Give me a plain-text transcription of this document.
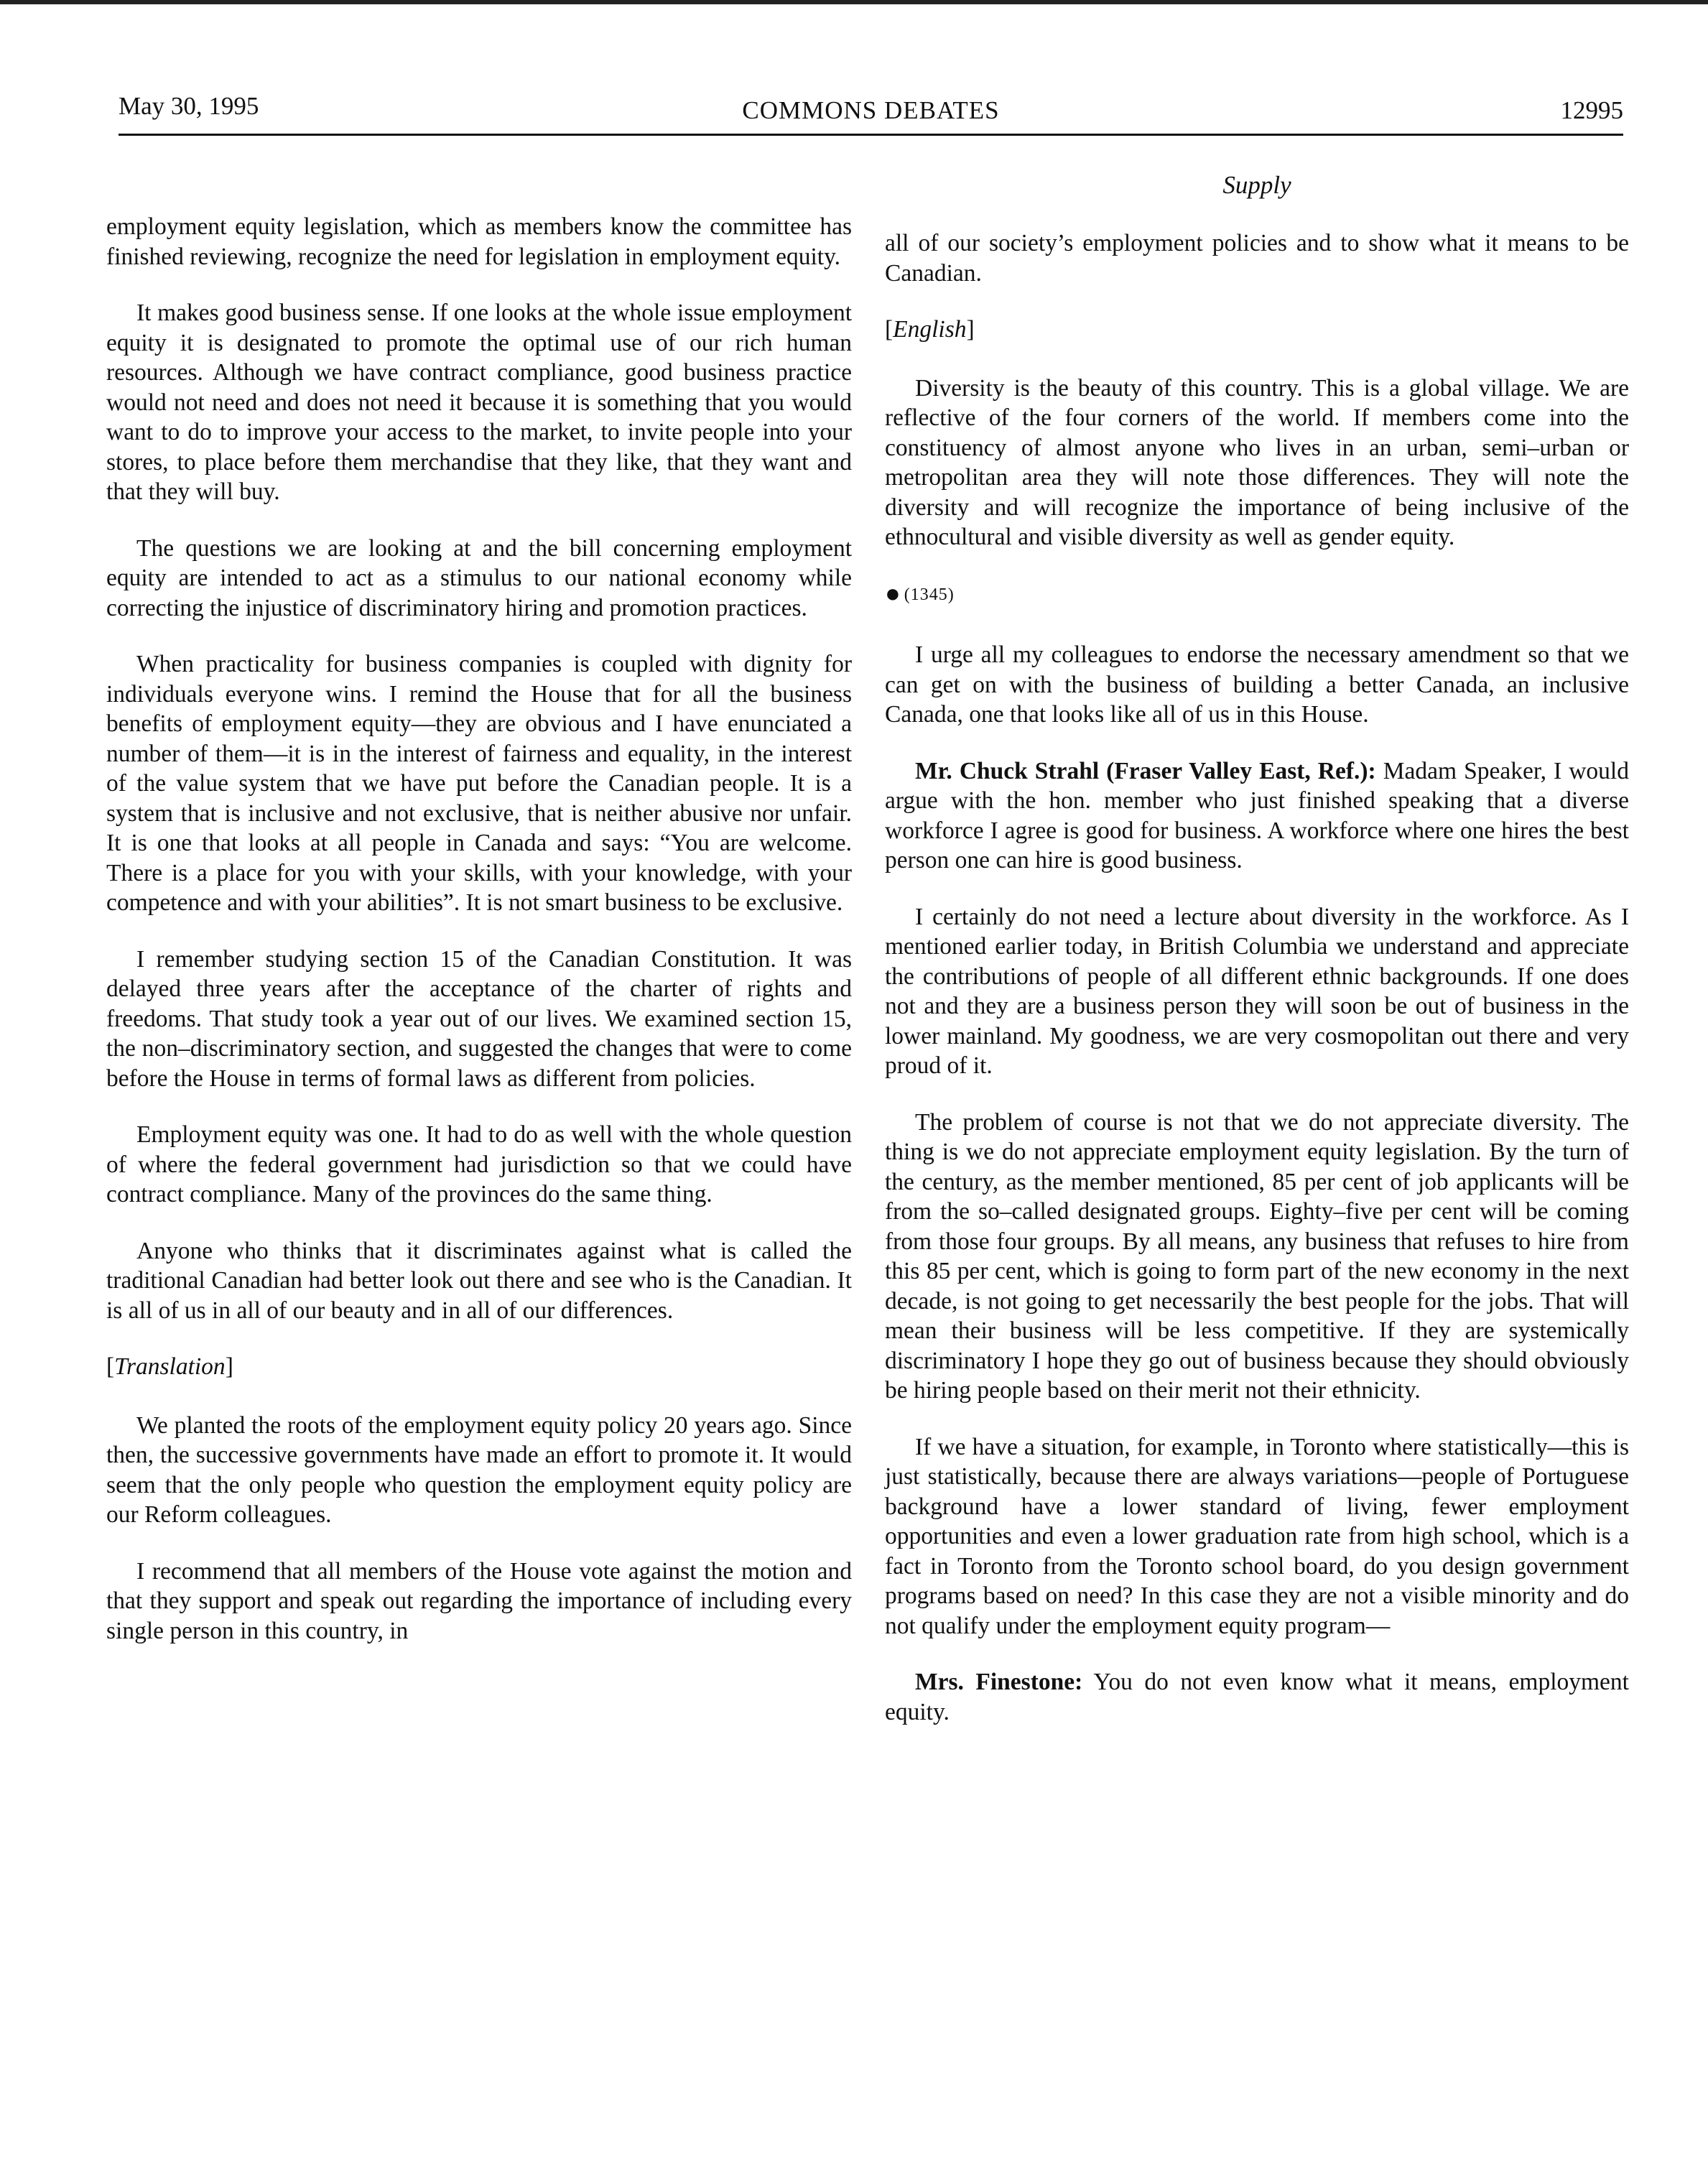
May 30, 1995	COMMONS DEBATES	12995
Supply

employment equity legislation, which as members know the committee has finished reviewing, recognize the need for legislation in employment equity.

It makes good business sense. If one looks at the whole issue employment equity it is designated to promote the optimal use of our rich human resources. Although we have contract compliance, good business practice would not need and does not need it because it is something that you would want to do to improve your access to the market, to invite people into your stores, to place before them merchandise that they like, that they want and that they will buy.

The questions we are looking at and the bill concerning employment equity are intended to act as a stimulus to our national economy while correcting the injustice of discriminatory hiring and promotion practices.

When practicality for business companies is coupled with dignity for individuals everyone wins. I remind the House that for all the business benefits of employment equity—they are obvious and I have enunciated a number of them—it is in the interest of fairness and equality, in the interest of the value system that we have put before the Canadian people. It is a system that is inclusive and not exclusive, that is neither abusive nor unfair. It is one that looks at all people in Canada and says: “You are welcome. There is a place for you with your skills, with your knowledge, with your competence and with your abilities”. It is not smart business to be exclusive.

I remember studying section 15 of the Canadian Constitution. It was delayed three years after the acceptance of the charter of rights and freedoms. That study took a year out of our lives. We examined section 15, the non–discriminatory section, and suggested the changes that were to come before the House in terms of formal laws as different from policies.

Employment equity was one. It had to do as well with the whole question of where the federal government had jurisdiction so that we could have contract compliance. Many of the provinces do the same thing.

Anyone who thinks that it discriminates against what is called the traditional Canadian had better look out there and see who is the Canadian. It is all of us in all of our beauty and in all of our differences.

[ Translation ]

We planted the roots of the employment equity policy 20 years ago. Since then, the successive governments have made an effort to promote it. It would seem that the only people who question the employment equity policy are our Reform colleagues.

I recommend that all members of the House vote against the motion and that they support and speak out regarding the importance of including every single person in this country, in

all of our society’s employment policies and to show what it means to be Canadian.

[ English ]

Diversity is the beauty of this country. This is a global village. We are reflective of the four corners of the world. If members come into the constituency of almost anyone who lives in an urban, semi–urban or metropolitan area they will note those differences. They will note the diversity and will recognize the importance of being inclusive of the ethnocultural and visible diversity as well as gender equity.

● (1345)

I urge all my colleagues to endorse the necessary amendment so that we can get on with the business of building a better Canada, an inclusive Canada, one that looks like all of us in this House.

Mr. Chuck Strahl (Fraser Valley East, Ref.): Madam Speaker, I would argue with the hon. member who just finished speaking that a diverse workforce I agree is good for business. A workforce where one hires the best person one can hire is good business.

I certainly do not need a lecture about diversity in the workforce. As I mentioned earlier today, in British Columbia we understand and appreciate the contributions of people of all different ethnic backgrounds. If one does not and they are a business person they will soon be out of business in the lower mainland. My goodness, we are very cosmopolitan out there and very proud of it.

The problem of course is not that we do not appreciate diversity. The thing is we do not appreciate employment equity legislation. By the turn of the century, as the member mentioned, 85 per cent of job applicants will be from the so–called designated groups. Eighty–five per cent will be coming from those four groups. By all means, any business that refuses to hire from this 85 per cent, which is going to form part of the new economy in the next decade, is not going to get necessarily the best people for the jobs. That will mean their business will be less competitive. If they are systemically discriminatory I hope they go out of business because they should obviously be hiring people based on their merit not their ethnicity.

If we have a situation, for example, in Toronto where statistically—this is just statistically, because there are always variations—people of Portuguese background have a lower standard of living, fewer employment opportunities and even a lower graduation rate from high school, which is a fact in Toronto from the Toronto school board, do you design government programs based on need? In this case they are not a visible minority and do not qualify under the employment equity program—

Mrs. Finestone: You do not even know what it means, employment equity.
